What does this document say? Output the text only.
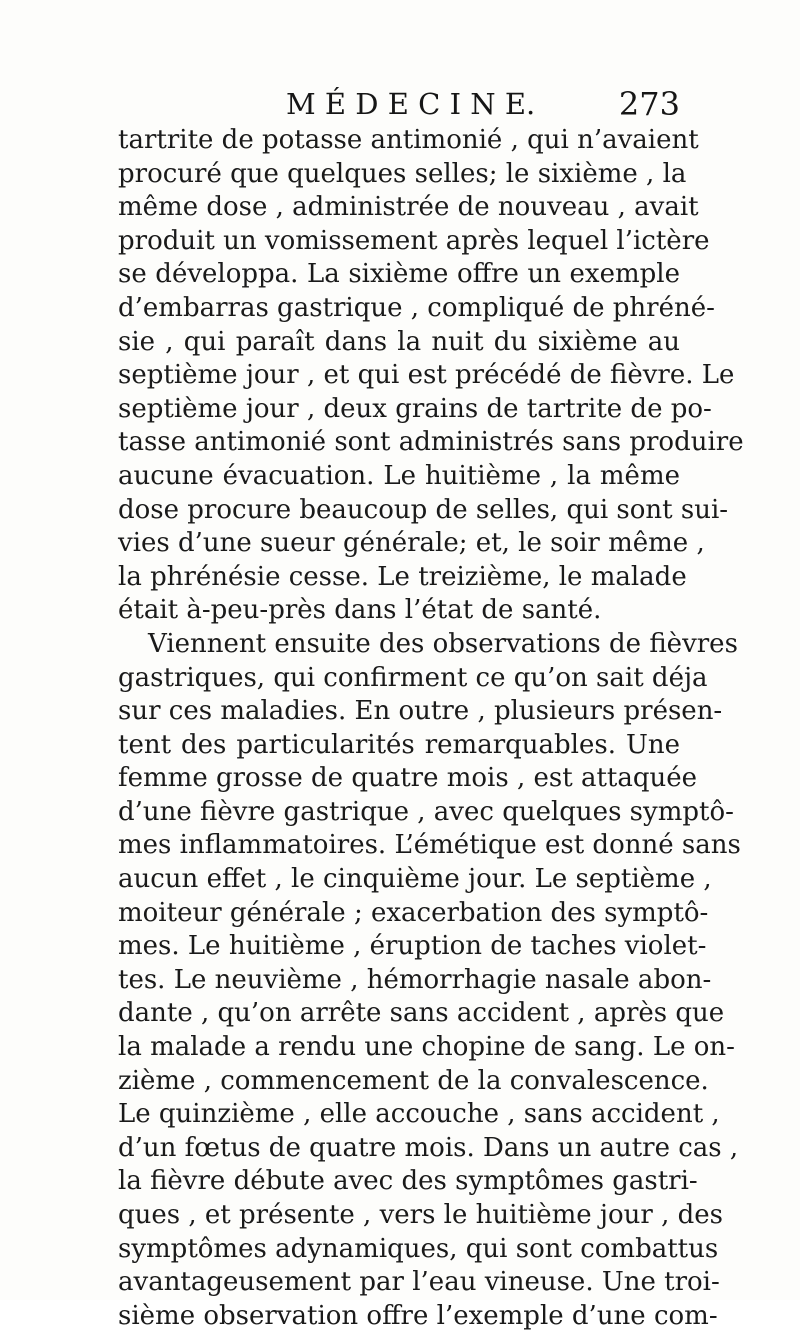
M É D E C I N E.	273
tartrite de potasse antimonié , qui n’avaient
procuré que quelques selles; le sixième , la
même dose , administrée de nouveau , avait
produit un vomissement après lequel l’ictère
se développa. La sixième offre un exemple
d’embarras gastrique , compliqué de phréné-
sie , qui paraît dans la nuit du sixième au
septième jour , et qui est précédé de fièvre. Le
septième jour , deux grains de tartrite de po-
tasse antimonié sont administrés sans produire
aucune évacuation. Le huitième , la même
dose procure beaucoup de selles, qui sont sui-
vies d’une sueur générale; et, le soir même ,
la phrénésie cesse. Le treizième, le malade
était à-peu-près dans l’état de santé.
Viennent ensuite des observations de fièvres
gastriques, qui confirment ce qu’on sait déja
sur ces maladies. En outre , plusieurs présen-
tent des particularités remarquables. Une
femme grosse de quatre mois , est attaquée
d’une fièvre gastrique , avec quelques symptô-
mes inflammatoires. L’émétique est donné sans
aucun effet , le cinquième jour. Le septième ,
moiteur générale ; exacerbation des symptô-
mes. Le huitième , éruption de taches violet-
tes. Le neuvième , hémorrhagie nasale abon-
dante , qu’on arrête sans accident , après que
la malade a rendu une chopine de sang. Le on-
zième , commencement de la convalescence.
Le quinzième , elle accouche , sans accident ,
d’un fœtus de quatre mois. Dans un autre cas ,
la fièvre débute avec des symptômes gastri-
ques , et présente , vers le huitième jour , des
symptômes adynamiques, qui sont combattus
avantageusement par l’eau vineuse. Une troi-
sième observation offre l’exemple d’une com-
